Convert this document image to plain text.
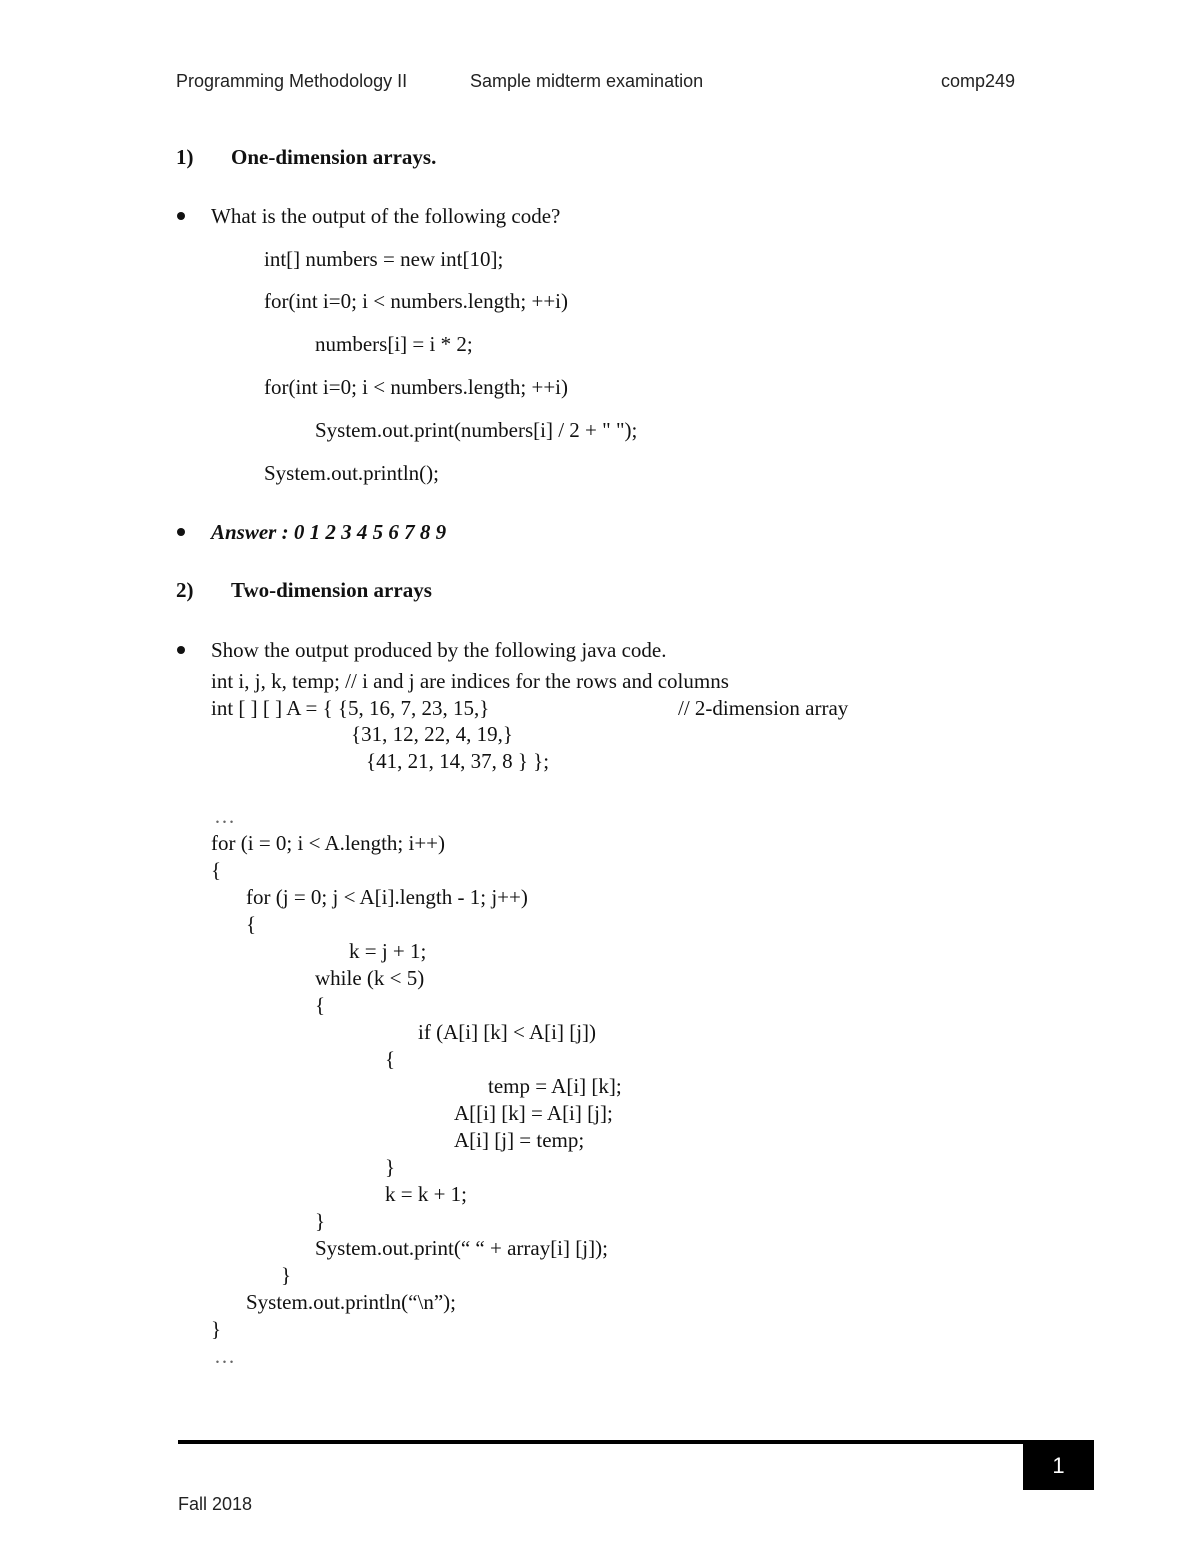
Programming Methodology II	Sample midterm examination	comp249
1) One-dimension arrays.
What is the output of the following code?
int[] numbers = new int[10];
for(int i=0; i < numbers.length; ++i)
numbers[i] = i * 2;
for(int i=0; i < numbers.length; ++i)
System.out.print(numbers[i] / 2 + " ");
System.out.println();
Answer : 0 1 2 3 4 5 6 7 8 9
2) Two-dimension arrays
Show the output produced by the following java code.
int i, j, k, temp; // i and j are indices for the rows and columns
int [ ] [ ] A = { {5, 16, 7, 23, 15,}	// 2-dimension array
{31, 12, 22, 4, 19,}
{41, 21, 14, 37, 8 } };
…
for (i = 0; i < A.length; i++)
{
for (j = 0; j < A[i].length - 1; j++)
{
k = j + 1;
while (k < 5)
{
if (A[i] [k] < A[i] [j])
{
temp = A[i] [k];
A[[i] [k] = A[i] [j];
A[i] [j] = temp;
}
k = k + 1;
}
System.out.print(“ “ + array[i] [j]);
}
System.out.println(“\n”);
}
…
1
Fall 2018
